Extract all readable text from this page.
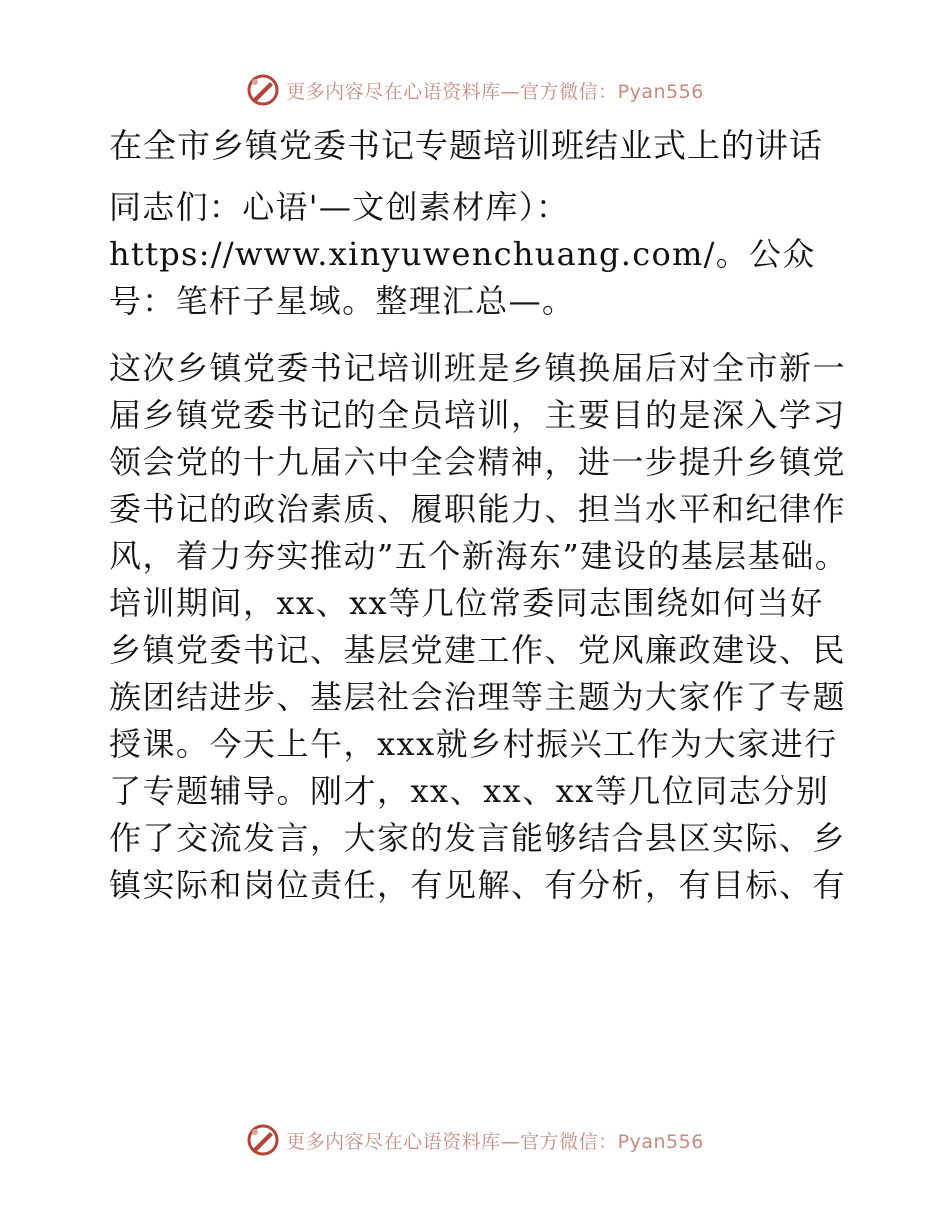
更多内容尽在心语资料库—官方微信：Pyan556
在全市乡镇党委书记专题培训班结业式上的讲话

同志们：心语'—文创素材库）：https://www.xinyuwenchuang.com/。公众号：笔杆子星域。整理汇总—。

这次乡镇党委书记培训班是乡镇换届后对全市新一届乡镇党委书记的全员培训，主要目的是深入学习领会党的十九届六中全会精神，进一步提升乡镇党委书记的政治素质、履职能力、担当水平和纪律作风，着力夯实推动”五个新海东”建设的基层基础。培训期间，xx、xx等几位常委同志围绕如何当好乡镇党委书记、基层党建工作、党风廉政建设、民族团结进步、基层社会治理等主题为大家作了专题授课。今天上午，xxx就乡村振兴工作为大家进行了专题辅导。刚才，xx、xx、xx等几位同志分别作了交流发言，大家的发言能够结合县区实际、乡镇实际和岗位责任，有见解、有分析，有目标、有

更多内容尽在心语资料库—官方微信：Pyan556
